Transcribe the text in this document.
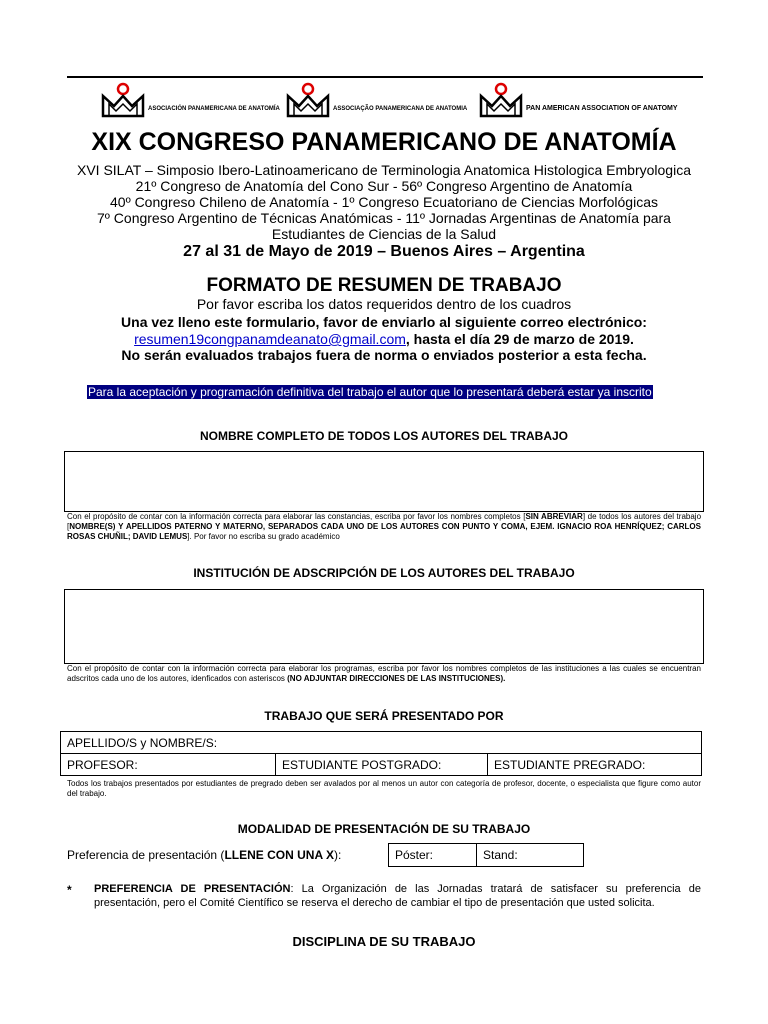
ASOCIACIÓN PANAMERICANA DE ANATOMÍA	ASSOCIAÇÃO PANAMERICANA DE ANATOMIA	PAN AMERICAN ASSOCIATION OF ANATOMY
XIX CONGRESO PANAMERICANO DE ANATOMÍA
XVI SILAT – Simposio Ibero-Latinoamericano de Terminologia Anatomica Histologica Embryologica
21º Congreso de Anatomía del Cono Sur - 56º Congreso Argentino de Anatomía
40º Congreso Chileno de Anatomía - 1º Congreso Ecuatoriano de Ciencias Morfológicas
7º Congreso Argentino de Técnicas Anatómicas - 11º Jornadas Argentinas de Anatomía para
Estudiantes de Ciencias de la Salud
27 al 31 de Mayo de 2019 – Buenos Aires – Argentina
FORMATO DE RESUMEN DE TRABAJO
Por favor escriba los datos requeridos dentro de los cuadros
Una vez lleno este formulario, favor de enviarlo al siguiente correo electrónico:
resumen19congpanamdeanato@gmail.com, hasta el día 29 de marzo de 2019.
No serán evaluados trabajos fuera de norma o enviados posterior a esta fecha.
Para la aceptación y programación definitiva del trabajo el autor que lo presentará deberá estar ya inscrito
NOMBRE COMPLETO DE TODOS LOS AUTORES DEL TRABAJO
Con el propósito de contar con la información correcta para elaborar las constancias, escriba por favor los nombres completos [SIN ABREVIAR] de todos los autores del trabajo [NOMBRE(S) Y APELLIDOS PATERNO Y MATERNO, SEPARADOS CADA UNO DE LOS AUTORES CON PUNTO Y COMA, EJEM. IGNACIO ROA HENRÍQUEZ; CARLOS ROSAS CHUÑIL; DAVID LEMUS]. Por favor no escriba su grado académico
INSTITUCIÓN DE ADSCRIPCIÓN DE LOS AUTORES DEL TRABAJO
Con el propósito de contar con la información correcta para elaborar los programas, escriba por favor los nombres completos de las instituciones a las cuales se encuentran adscritos cada uno de los autores, idenficados con asteriscos (NO ADJUNTAR DIRECCIONES DE LAS INSTITUCIONES).
TRABAJO QUE SERÁ PRESENTADO POR
APELLIDO/S y NOMBRE/S:
PROFESOR:	ESTUDIANTE POSTGRADO:	ESTUDIANTE PREGRADO:
Todos los trabajos presentados por estudiantes de pregrado deben ser avalados por al menos un autor con categoría de profesor, docente, o especialista que figure como autor del trabajo.
MODALIDAD DE PRESENTACIÓN DE SU TRABAJO
Preferencia de presentación (LLENE CON UNA X):	Póster:	Stand:
* PREFERENCIA DE PRESENTACIÓN: La Organización de las Jornadas tratará de satisfacer su preferencia de presentación, pero el Comité Científico se reserva el derecho de cambiar el tipo de presentación que usted solicita.
DISCIPLINA DE SU TRABAJO
